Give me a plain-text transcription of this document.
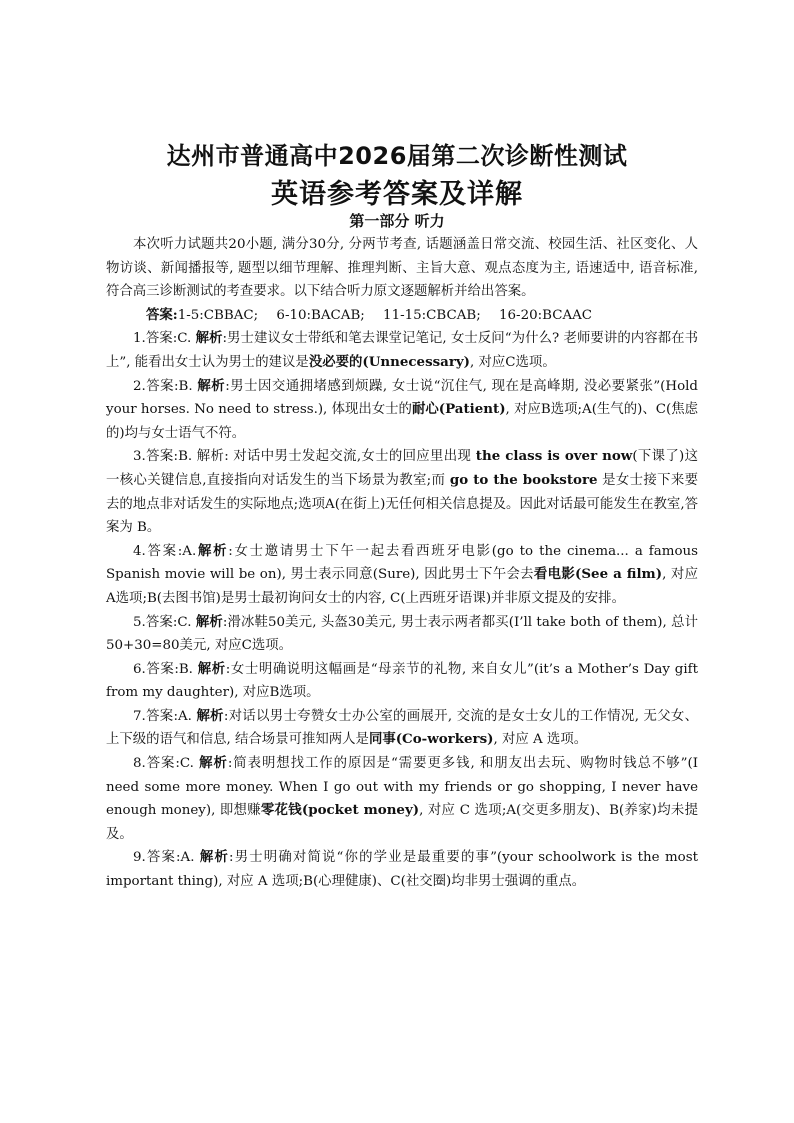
达州市普通高中2026届第二次诊断性测试
英语参考答案及详解
第一部分 听力

本次听力试题共20小题, 满分30分, 分两节考查, 话题涵盖日常交流、校园生活、社区变化、人物访谈、新闻播报等, 题型以细节理解、推理判断、主旨大意、观点态度为主, 语速适中, 语音标准, 符合高三诊断测试的考查要求。以下结合听力原文逐题解析并给出答案。

答案:1-5:CBBAC; 6-10:BACAB; 11-15:CBCAB; 16-20:BCAAC

1.答案:C. 解析:男士建议女士带纸和笔去课堂记笔记, 女士反问“为什么? 老师要讲的内容都在书上”, 能看出女士认为男士的建议是没必要的(Unnecessary), 对应C选项。

2.答案:B. 解析:男士因交通拥堵感到烦躁, 女士说“沉住气, 现在是高峰期, 没必要紧张”(Hold your horses. No need to stress.), 体现出女士的耐心(Patient), 对应B选项;A(生气的)、C(焦虑的)均与女士语气不符。

3.答案:B. 解析: 对话中男士发起交流,女士的回应里出现 the class is over now(下课了)这一核心关键信息,直接指向对话发生的当下场景为教室;而 go to the bookstore 是女士接下来要去的地点非对话发生的实际地点;选项A(在街上)无任何相关信息提及。因此对话最可能发生在教室,答案为 B。

4.答案:A.解析:女士邀请男士下午一起去看西班牙电影(go to the cinema... a famous Spanish movie will be on), 男士表示同意(Sure), 因此男士下午会去看电影(See a film), 对应A选项;B(去图书馆)是男士最初询问女士的内容, C(上西班牙语课)并非原文提及的安排。

5.答案:C. 解析:滑冰鞋50美元, 头盔30美元, 男士表示两者都买(I’ll take both of them), 总计50+30=80美元, 对应C选项。

6.答案:B. 解析:女士明确说明这幅画是“母亲节的礼物, 来自女儿”(it’s a Mother’s Day gift from my daughter), 对应B选项。

7.答案:A. 解析:对话以男士夸赞女士办公室的画展开, 交流的是女士女儿的工作情况, 无父女、上下级的语气和信息, 结合场景可推知两人是同事(Co-workers), 对应 A 选项。

8.答案:C. 解析:简表明想找工作的原因是“需要更多钱, 和朋友出去玩、购物时钱总不够”(I need some more money. When I go out with my friends or go shopping, I never have enough money), 即想赚零花钱(pocket money), 对应 C 选项;A(交更多朋友)、B(养家)均未提及。

9.答案:A. 解析:男士明确对简说“你的学业是最重要的事”(your schoolwork is the most important thing), 对应 A 选项;B(心理健康)、C(社交圈)均非男士强调的重点。
